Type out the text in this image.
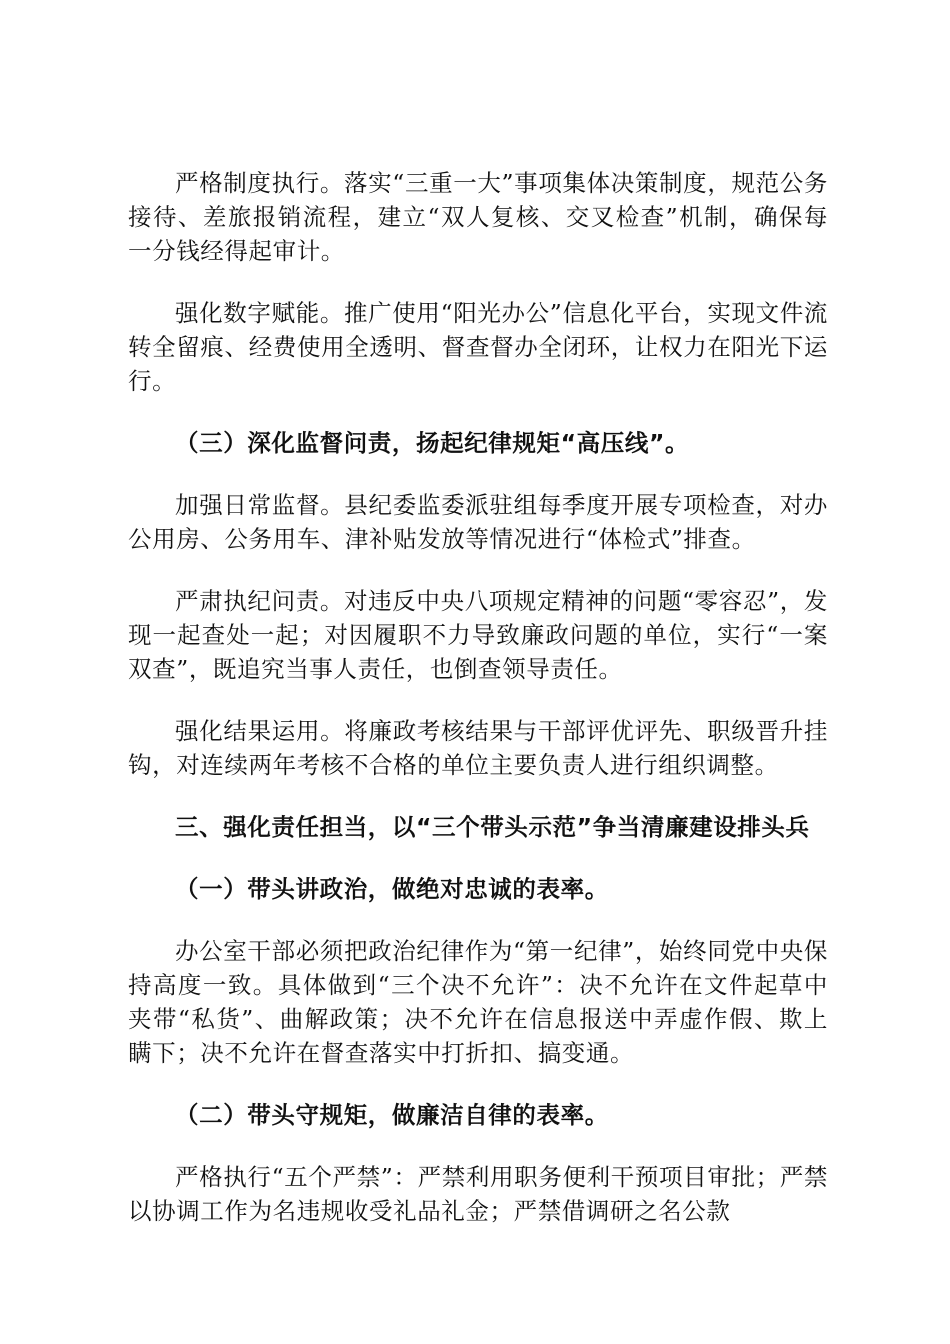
严格制度执行。落实“三重一大”事项集体决策制度，规范公务接待、差旅报销流程，建立“双人复核、交叉检查”机制，确保每一分钱经得起审计。

强化数字赋能。推广使用“阳光办公”信息化平台，实现文件流转全留痕、经费使用全透明、督查督办全闭环，让权力在阳光下运行。

（三）深化监督问责，扬起纪律规矩“高压线”。

加强日常监督。县纪委监委派驻组每季度开展专项检查，对办公用房、公务用车、津补贴发放等情况进行“体检式”排查。

严肃执纪问责。对违反中央八项规定精神的问题“零容忍”，发现一起查处一起；对因履职不力导致廉政问题的单位，实行“一案双查”，既追究当事人责任，也倒查领导责任。

强化结果运用。将廉政考核结果与干部评优评先、职级晋升挂钩，对连续两年考核不合格的单位主要负责人进行组织调整。

三、强化责任担当，以“三个带头示范”争当清廉建设排头兵

（一）带头讲政治，做绝对忠诚的表率。

办公室干部必须把政治纪律作为“第一纪律”，始终同党中央保持高度一致。具体做到“三个决不允许”：决不允许在文件起草中夹带“私货”、曲解政策；决不允许在信息报送中弄虚作假、欺上瞒下；决不允许在督查落实中打折扣、搞变通。

（二）带头守规矩，做廉洁自律的表率。

严格执行“五个严禁”：严禁利用职务便利干预项目审批；严禁以协调工作为名违规收受礼品礼金；严禁借调研之名公款
